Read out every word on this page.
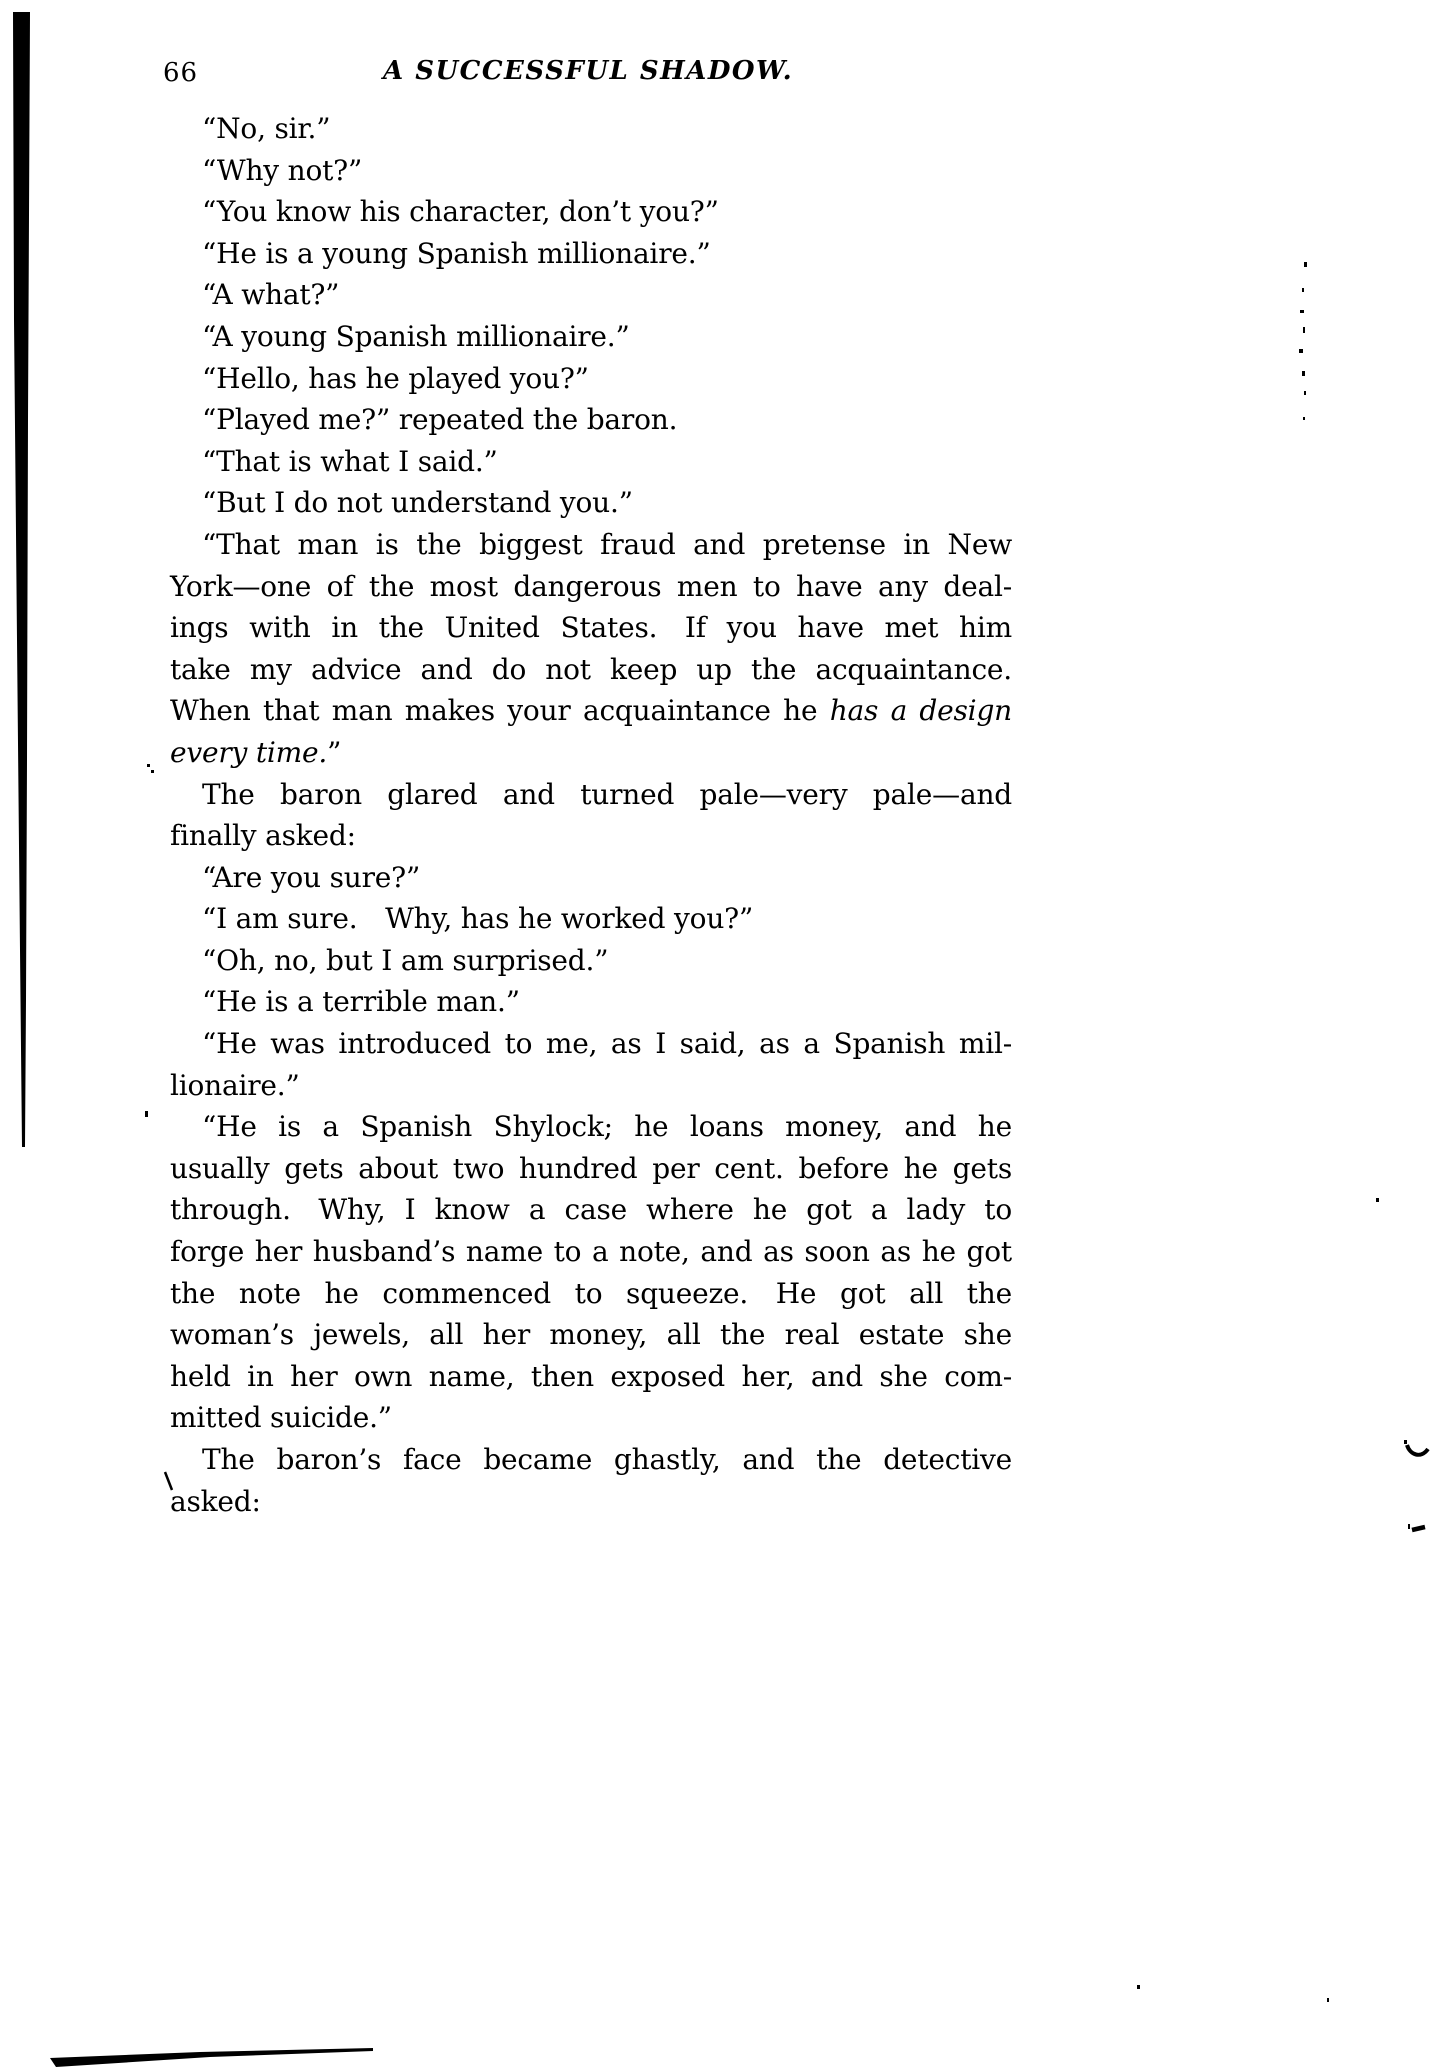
66	A SUCCESSFUL SHADOW.
“No, sir.”
“Why not?”
“You know his character, don’t you?”
“He is a young Spanish millionaire.”
“A what?”
“A young Spanish millionaire.”
“Hello, has he played you?”
“Played me?” repeated the baron.
“That is what I said.”
“But I do not understand you.”
“That man is the biggest fraud and pretense in New
York—one of the most dangerous men to have any deal-
ings with in the United States.  If you have met him
take my advice and do not keep up the acquaintance.
When that man makes your acquaintance he has a design
every time.”
The baron glared and turned pale—very pale—and
finally asked:
“Are you sure?”
“I am sure.  Why, has he worked you?”
“Oh, no, but I am surprised.”
“He is a terrible man.”
“He was introduced to me, as I said, as a Spanish mil-
lionaire.”
“He is a Spanish Shylock; he loans money, and he
usually gets about two hundred per cent. before he gets
through.  Why, I know a case where he got a lady to
forge her husband’s name to a note, and as soon as he got
the note he commenced to squeeze.  He got all the
woman’s jewels, all her money, all the real estate she
held in her own name, then exposed her, and she com-
mitted suicide.”
The baron’s face became ghastly, and the detective
asked:
